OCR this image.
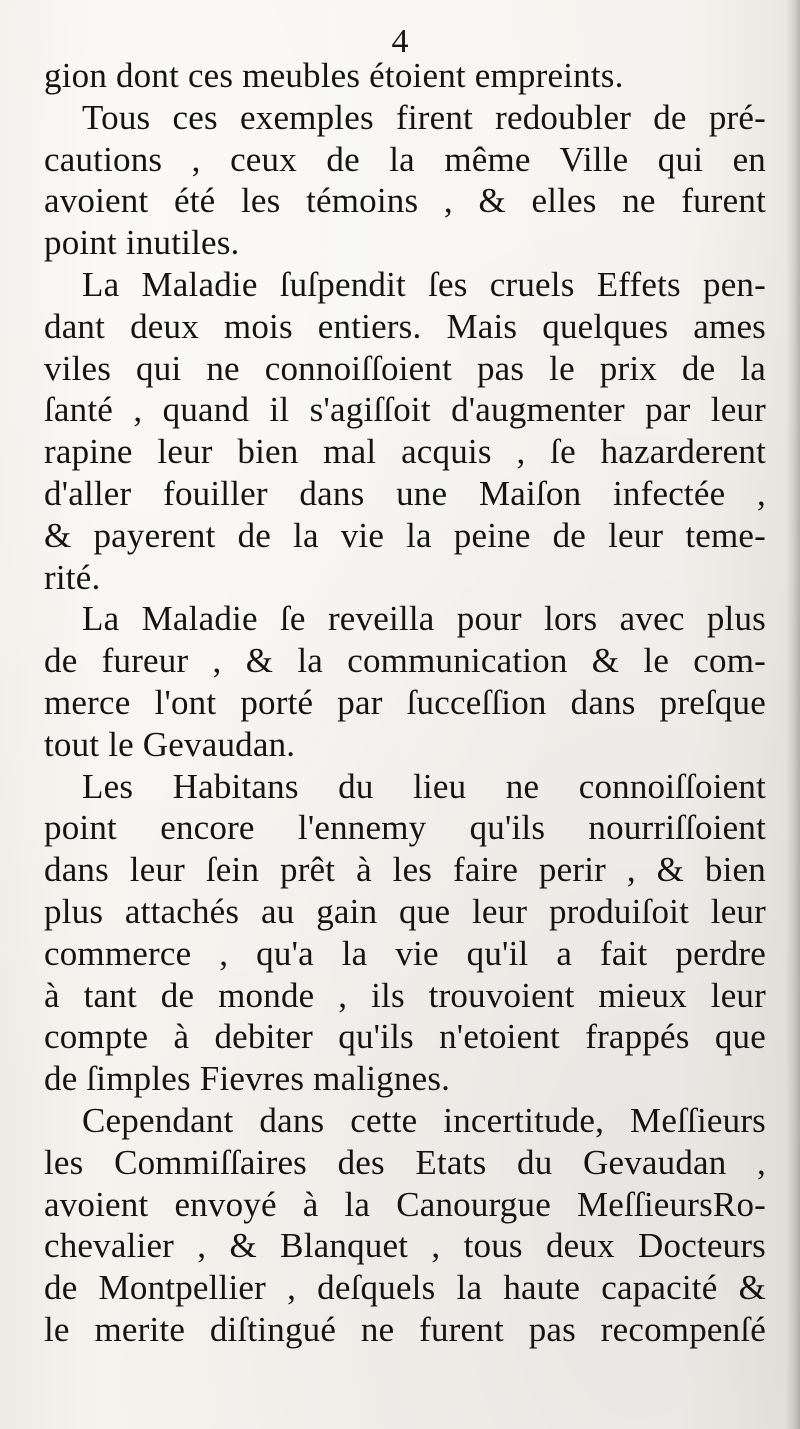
4
gion dont ces meubles étoient empreints.
Tous ces exemples firent redoubler de pré-
cautions , ceux de la même Ville qui en
avoient été les témoins , & elles ne furent
point inutiles.
La Maladie ſuſpendit ſes cruels Effets pen-
dant deux mois entiers. Mais quelques ames
viles qui ne connoiſſoient pas le prix de la
ſanté , quand il s'agiſſoit d'augmenter par leur
rapine leur bien mal acquis , ſe hazarderent
d'aller fouiller dans une Maiſon infectée ,
& payerent de la vie la peine de leur teme-
rité.
La Maladie ſe reveilla pour lors avec plus
de fureur , & la communication & le com-
merce l'ont porté par ſucceſſion dans preſque
tout le Gevaudan.
Les Habitans du lieu ne connoiſſoient
point encore l'ennemy qu'ils nourriſſoient
dans leur ſein prêt à les faire perir , & bien
plus attachés au gain que leur produiſoit leur
commerce , qu'a la vie qu'il a fait perdre
à tant de monde , ils trouvoient mieux leur
compte à debiter qu'ils n'etoient frappés que
de ſimples Fievres malignes.
Cependant dans cette incertitude, Meſſieurs
les Commiſſaires des Etats du Gevaudan ,
avoient envoyé à la Canourgue MeſſieursRo-
chevalier , & Blanquet , tous deux Docteurs
de Montpellier , deſquels la haute capacité &
le merite diſtingué ne furent pas recompenſé
